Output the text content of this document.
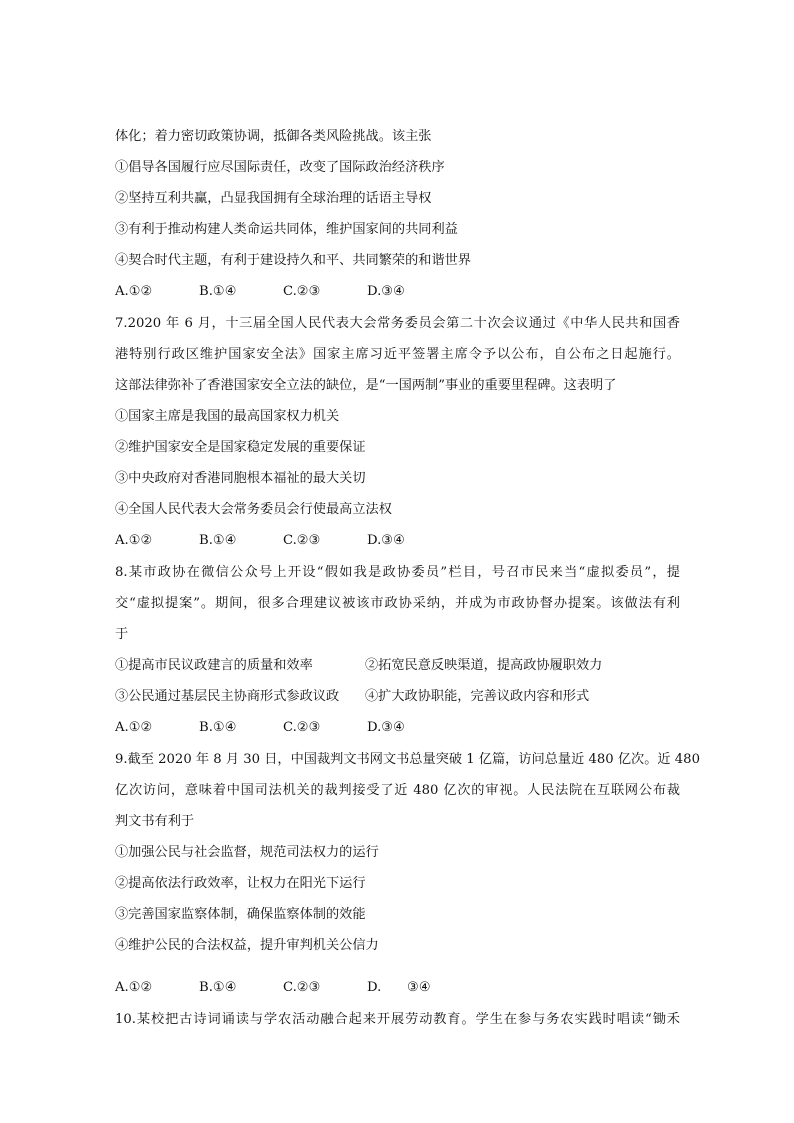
体化；着力密切政策协调，抵御各类风险挑战。该主张
①倡导各国履行应尽国际责任，改变了国际政治经济秩序
②坚持互利共赢，凸显我国拥有全球治理的话语主导权
③有利于推动构建人类命运共同体，维护国家间的共同利益
④契合时代主题，有利于建设持久和平、共同繁荣的和谐世界
A.①②	B.①④	C.②③	D.③④
7.2020 年 6 月，十三届全国人民代表大会常务委员会第二十次会议通过《中华人民共和国香
港特别行政区维护国家安全法》国家主席习近平签署主席令予以公布，自公布之日起施行。
这部法律弥补了香港国家安全立法的缺位，是“一国两制”事业的重要里程碑。这表明了
①国家主席是我国的最高国家权力机关
②维护国家安全是国家稳定发展的重要保证
③中央政府对香港同胞根本福祉的最大关切
④全国人民代表大会常务委员会行使最高立法权
A.①②	B.①④	C.②③	D.③④
8.某市政协在微信公众号上开设“假如我是政协委员”栏目，号召市民来当“虚拟委员”，提
交“虚拟提案”。期间，很多合理建议被该市政协采纳，并成为市政协督办提案。该做法有利
于
①提高市民议政建言的质量和效率	②拓宽民意反映渠道，提高政协履职效力
③公民通过基层民主协商形式参政议政 ④扩大政协职能，完善议政内容和形式
A.①②	B.①④	C.②③	D.③④
9.截至 2020 年 8 月 30 日，中国裁判文书网文书总量突破 1 亿篇，访问总量近 480 亿次。近 480
亿次访问，意味着中国司法机关的裁判接受了近 480 亿次的审视。人民法院在互联网公布裁
判文书有利于
①加强公民与社会监督，规范司法权力的运行
②提高依法行政效率，让权力在阳光下运行
③完善国家监察体制，确保监察体制的效能
④维护公民的合法权益，提升审判机关公信力
A.①②	B.①④	C.②③	D. ③④
10.某校把古诗词诵读与学农活动融合起来开展劳动教育。学生在参与务农实践时唱读“锄禾
